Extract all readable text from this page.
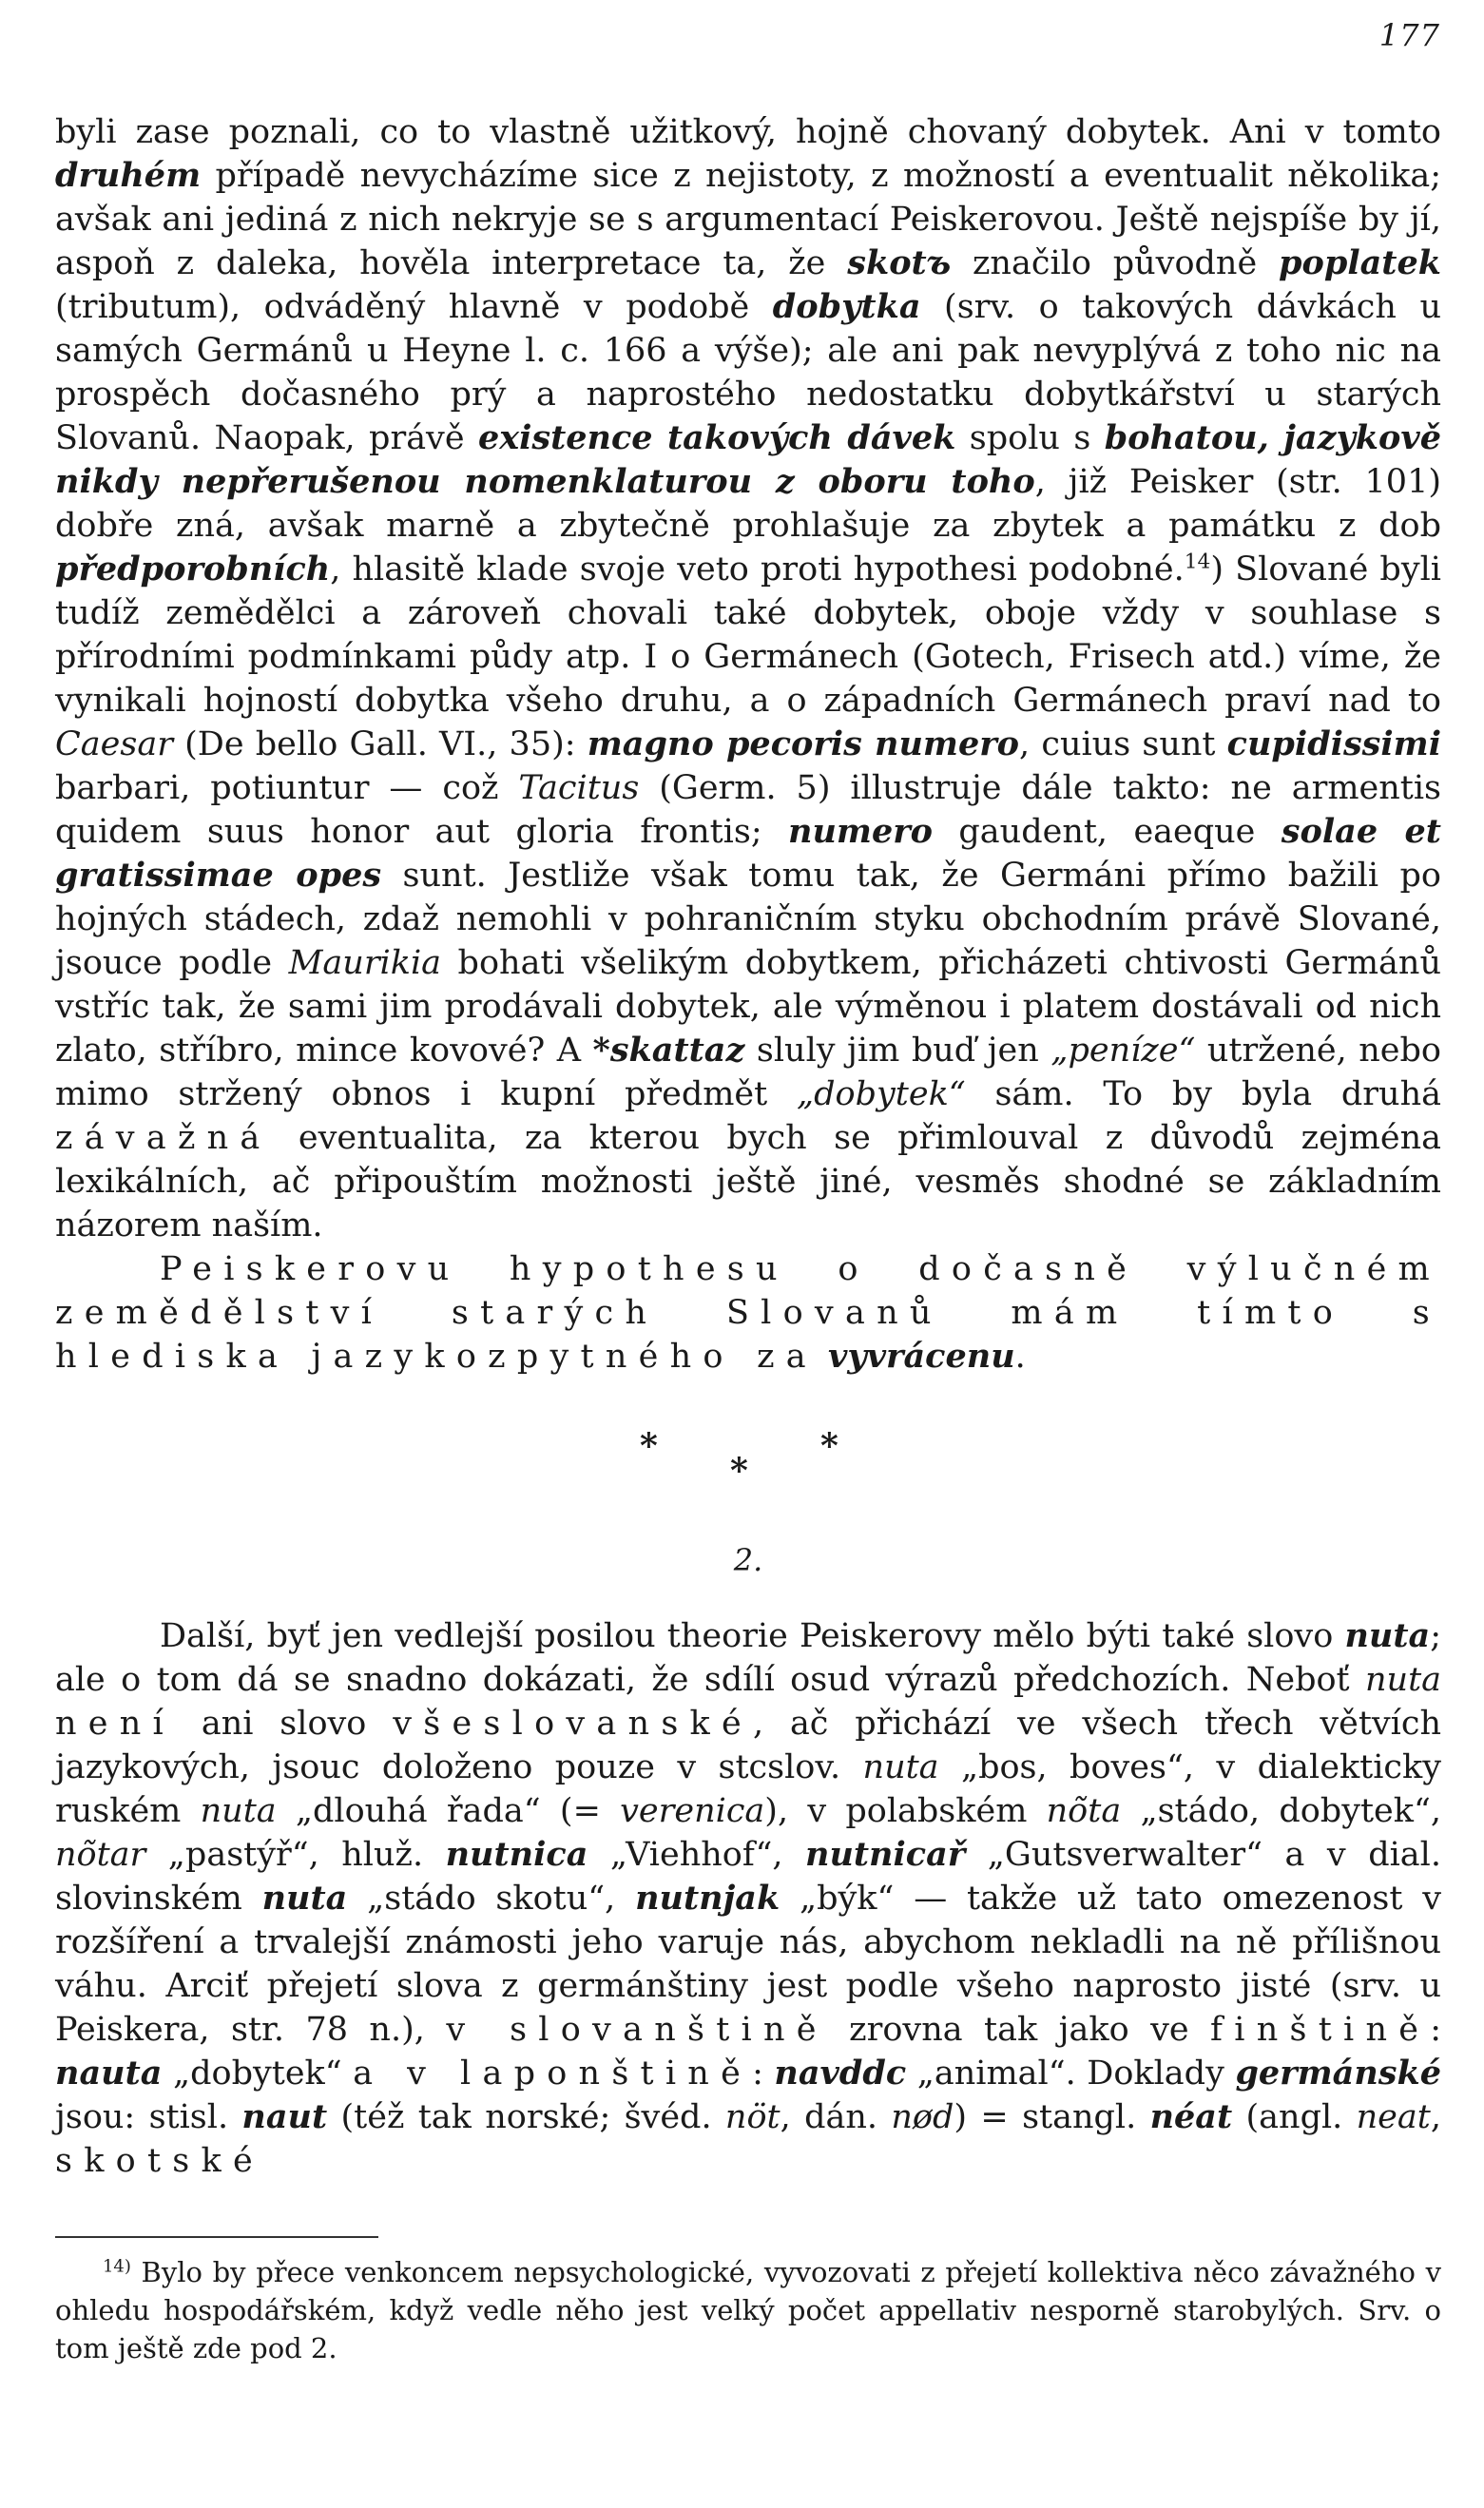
177

byli zase poznali, co to vlastně užitkový, hojně chovaný dobytek. Ani v tomto druhém případě nevycházíme sice z nejistoty, z možností a eventualit několika; avšak ani jediná z nich nekryje se s argumentací Peiskerovou. Ještě nejspíše by jí, aspoň z daleka, hověla interpretace ta, že skotъ značilo původně poplatek (tributum), odváděný hlavně v podobě dobytka (srv. o takových dávkách u samých Germánů u Heyne l. c. 166 a výše); ale ani pak nevyplývá z toho nic na prospěch dočasného prý a naprostého nedostatku dobytkářství u starých Slovanů. Naopak, právě existence takových dávek spolu s bohatou, jazykově nikdy nepřerušenou nomenklaturou z oboru toho, již Peisker (str. 101) dobře zná, avšak marně a zbytečně prohlašuje za zbytek a památku z dob předporobních, hlasitě klade svoje veto proti hypothesi podobné.$^{14}$) Slované byli tudíž zemědělci a zároveň chovali také dobytek, oboje vždy v souhlase s přírodními podmínkami půdy atp. I o Germánech (Gotech, Frisech atd.) víme, že vynikali hojností dobytka všeho druhu, a o západních Germánech praví nad to Caesar (De bello Gall. VI., 35): magno pecoris numero, cuius sunt cupidissimi barbari, potiuntur — což Tacitus (Germ. 5) illustruje dále takto: ne armentis quidem suus honor aut gloria frontis; numero gaudent, eaeque solae et gratissimae opes sunt. Jestliže však tomu tak, že Germáni přímo bažili po hojných stádech, zdaž nemohli v pohraničním styku obchodním právě Slované, jsouce podle Maurikia bohati všelikým dobytkem, přicházeti chtivosti Germánů vstříc tak, že sami jim prodávali dobytek, ale výměnou i platem dostávali od nich zlato, stříbro, mince kovové? A *skattaz sluly jim buď jen „peníze“ utržené, nebo mimo stržený obnos i kupní předmět „dobytek“ sám. To by byla druhá závažná eventualita, za kterou bych se přimlouval z důvodů zejména lexikálních, ač připouštím možnosti ještě jiné, vesměs shodné se základním názorem naším.

Peiskerovu hypothesu o dočasně výlučném zemědělství starých Slovanů mám tímto s hlediska jazykozpytného za vyvrácenu.

*
*
*
2.

Další, byť jen vedlejší posilou theorie Peiskerovy mělo býti také slovo nuta; ale o tom dá se snadno dokázati, že sdílí osud výrazů předchozích. Neboť nuta není ani slovo všeslovanské, ač přichází ve všech třech větvích jazykových, jsouc doloženo pouze v stcslov. nuta „bos, boves“, v dialekticky ruském nuta „dlouhá řada“ (= verenica), v polabském nõta „stádo, dobytek“, nõtar „pastýř“, hluž. nutnica „Viehhof“, nutnicař „Gutsverwalter“ a v dial. slovinském nuta „stádo skotu“, nutnjak „býk“ — takže už tato omezenost v rozšíření a trvalejší známosti jeho varuje nás, abychom nekladli na ně přílišnou váhu. Arciť přejetí slova z germánštiny jest podle všeho naprosto jisté (srv. u Peiskera, str. 78 n.), v slovanštině zrovna tak jako ve finštině: nauta „dobytek“ a v laponštině: navddc „animal“. Doklady germánské jsou: stisl. naut (též tak norské; švéd. nöt, dán. nød) = stangl. néat (angl. neat, skotské

$^{14)}$ Bylo by přece venkoncem nepsychologické, vyvozovati z přejetí kollektiva něco závažného v ohledu hospodářském, když vedle něho jest velký počet appellativ nesporně starobylých. Srv. o tom ještě zde pod 2.
